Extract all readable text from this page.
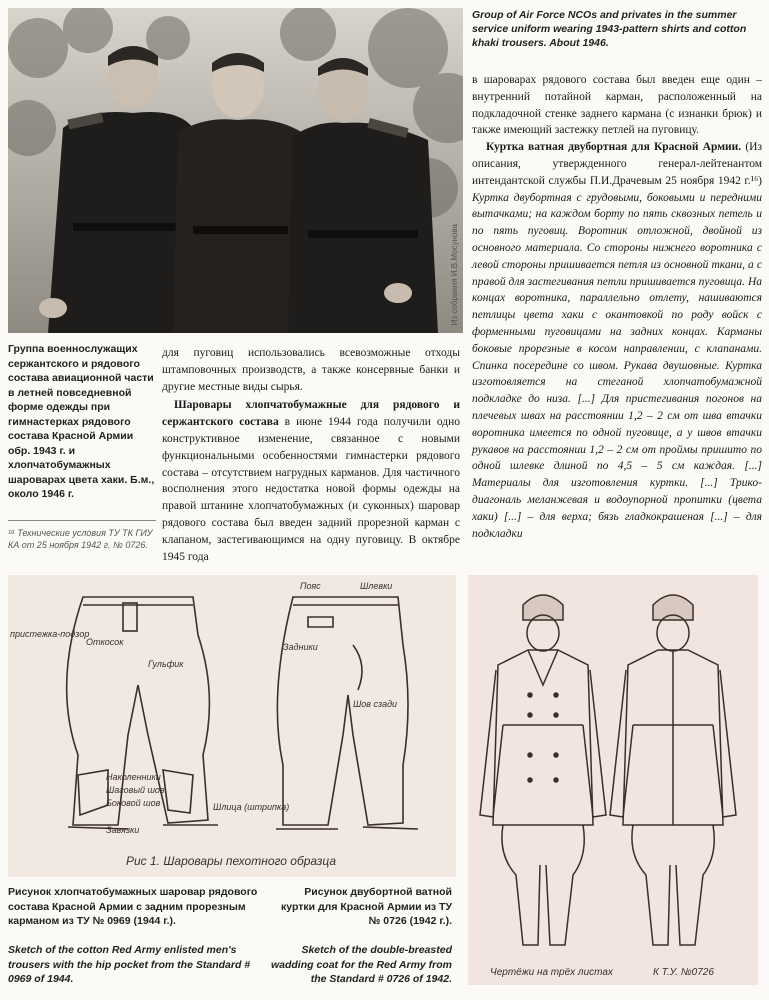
Из собрания И.В.Мосунова
Group of Air Force NCOs and privates in the summer service uniform wearing 1943-pattern shirts and cotton khaki trousers. About 1946.

в шароварах рядового состава был введен еще один – внутренний потайной карман, расположенный на подкладочной стенке заднего кармана (с изнанки брюк) и также имеющий застежку петлей на пуговицу.

Куртка ватная двубортная для Красной Армии. (Из описания, утвержденного генерал-лейтенантом интендантской службы П.И.Драчевым 25 ноября 1942 г.¹⁶) Куртка двубортная с грудовыми, боковыми и передними вытачками; на каждом борту по пять сквозных петель и по пять пуговиц. Воротник отложной, двойной из основного материала. Со стороны нижнего воротника с левой стороны пришивается петля из основной ткани, а с правой для застегивания петли пришивается пуговица. На концах воротника, параллельно отлету, нашиваются петлицы цвета хаки с окантовкой по роду войск с форменными пуговицами на задних концах. Карманы боковые прорезные в косом направлении, с клапанами. Спинка посередине со швом. Рукава двушовные. Куртка изготовляется на стеганой хлопчатобумажной подкладке до низа. [...] Для пристегивания погонов на плечевых швах на расстоянии 1,2 – 2 см от шва втачки воротника имеется по одной пуговице, а у швов втачки рукавов на расстоянии 1,2 – 2 см от проймы пришито по одной шлевке длиной по 4,5 – 5 см каждая. [...] Материалы для изготовления куртки. [...] Трико-диагональ меланжевая и водоупорной пропитки (цвета хаки) [...] – для верха; бязь гладкокрашеная [...] – для подкладки

Группа военнослужащих сержантского и рядового состава авиационной части в летней повседневной форме одежды при гимнастерках рядового состава Красной Армии обр. 1943 г. и хлопчатобумажных шароварах цвета хаки. Б.м., около 1946 г.
¹⁶ Технические условия ТУ ТК ГИУ КА от 25 ноября 1942 г. № 0726.

для пуговиц использовались всевозможные отходы штамповочных производств, а также консервные банки и другие местные виды сырья.

Шаровары хлопчатобумажные для рядового и сержантского состава в июне 1944 года получили одно конструктивное изменение, связанное с новыми функциональными особенностями гимнастерки рядового состава – отсутствием нагрудных карманов. Для частичного восполнения этого недостатка новой формы одежды на правой штанине хлопчатобумажных (и суконных) шаровар рядового состава был введен задний прорезной карман с клапаном, застегивающимся на одну пуговицу. В октябре 1945 года

пристежка-подзор
Откосок
Гульфик
Наколенники
Шаговый шов
Боковой шов
Завязки
Пояс	Шлевки
Задники
Шов сзади
Шлица (штрипка)
Рис 1. Шаровары пехотного образца
Чертёжи на трёх листах	К Т.У. №0726
Рисунок хлопчатобумажных шаровар рядового состава Красной Армии с задним прорезным карманом из ТУ № 0969 (1944 г.).
Sketch of the cotton Red Army enlisted men's trousers with the hip pocket from the Standard # 0969 of 1944.
Рисунок двубортной ватной куртки для Красной Армии из ТУ № 0726 (1942 г.).
Sketch of the double-breasted wadding coat for the Red Army from the Standard # 0726 of 1942.
